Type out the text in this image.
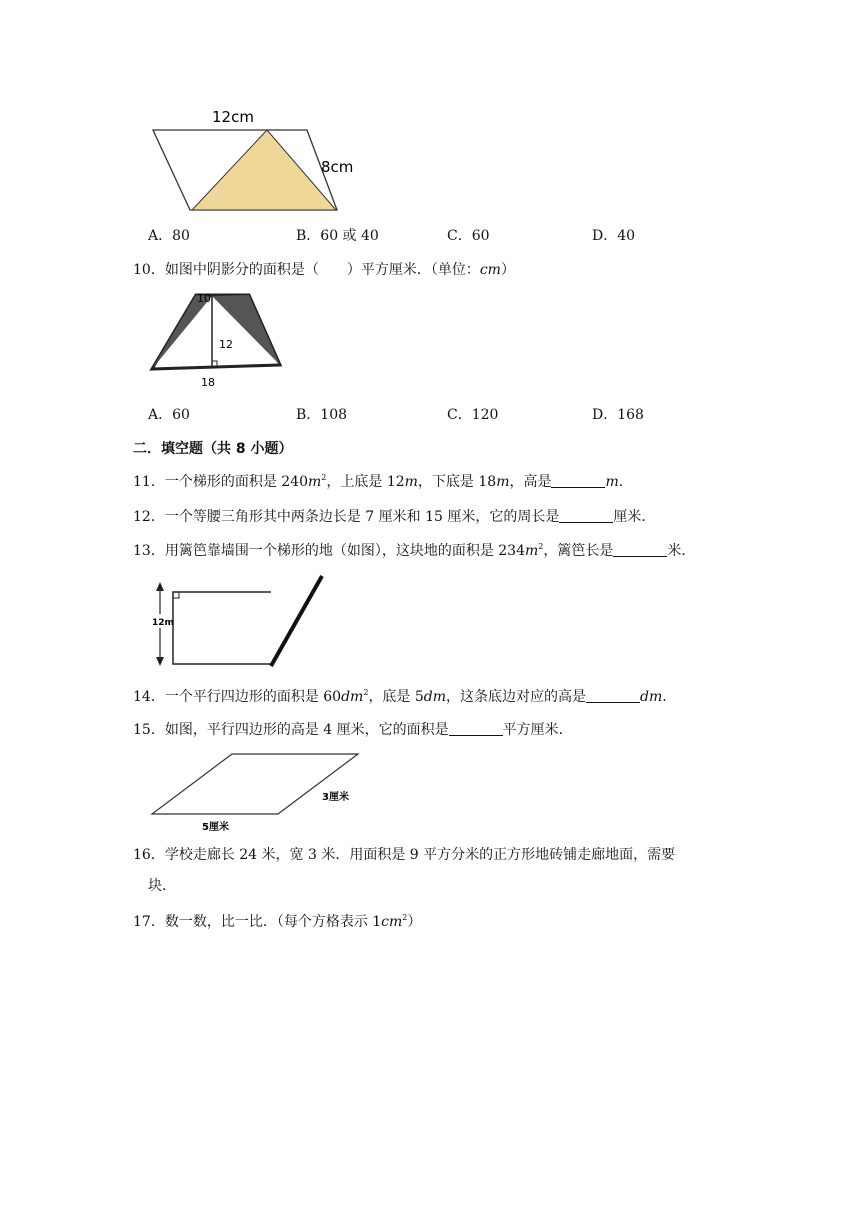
12cm
8cm
A．80	B．60 或 40	C．60	D．40
10．如图中阴影分的面积是（　　）平方厘米．（单位：cm）
10
12
18
A．60	B．108	C．120	D．168
二．填空题（共 8 小题）
11．一个梯形的面积是 $240m^2$，上底是 12m，下底是 18m，高是	m.
12．一个等腰三角形其中两条边长是 7 厘米和 15 厘米，它的周长是	厘米．
13．用篱笆靠墙围一个梯形的地（如图），这块地的面积是 $234m^2$，篱笆长是	米．
12m
14．一个平行四边形的面积是 $60dm^2$，底是 5dm，这条底边对应的高是	dm.
15．如图，平行四边形的高是 4 厘米，它的面积是	平方厘米．
3厘米
5厘米
16．学校走廊长 24 米，宽 3 米．用面积是 9 平方分米的正方形地砖铺走廊地面，需要
块．
17．数一数，比一比．（每个方格表示 $1cm^2$）
